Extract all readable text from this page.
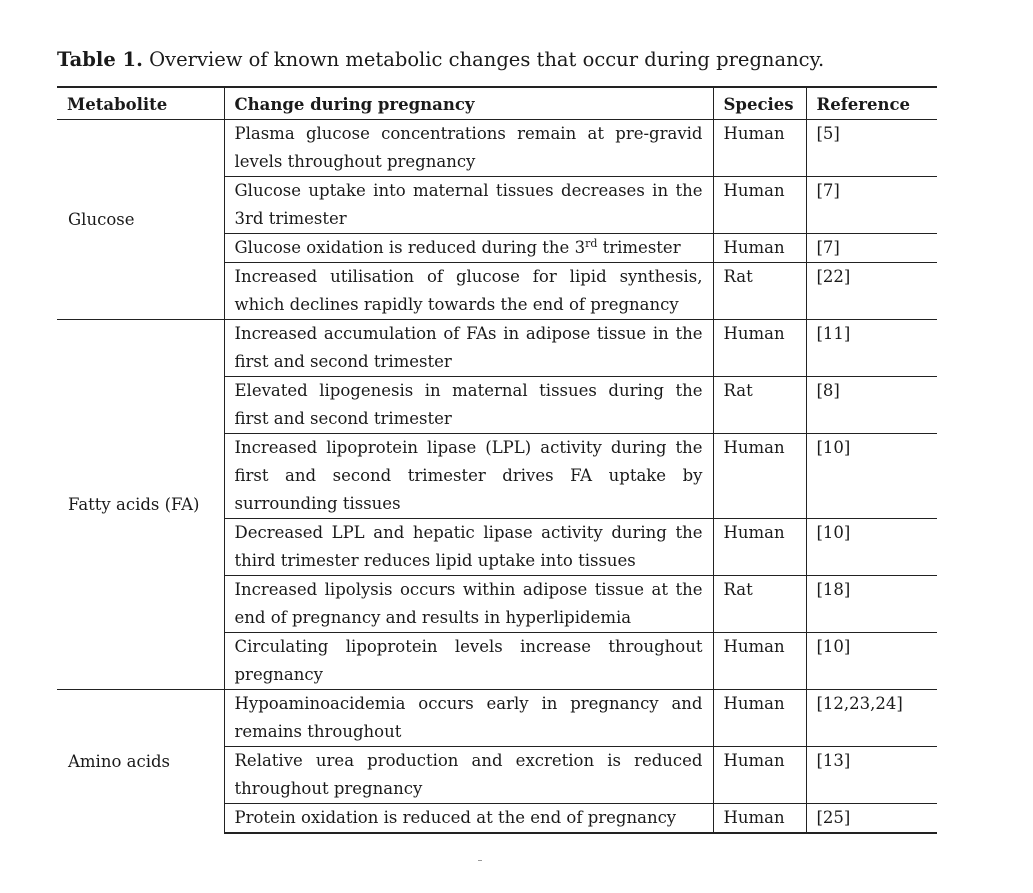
Table 1. Overview of known metabolic changes that occur during pregnancy.
Metabolite	Change during pregnancy	Species	Reference
Glucose	Plasma glucose concentrations remain at pre-gravid levels throughout pregnancy	Human	[5]
	Glucose uptake into maternal tissues decreases in the 3rd trimester	Human	[7]
	Glucose oxidation is reduced during the 3rd trimester	Human	[7]
	Increased utilisation of glucose for lipid synthesis, which declines rapidly towards the end of pregnancy	Rat	[22]
Fatty acids (FA)	Increased accumulation of FAs in adipose tissue in the first and second trimester	Human	[11]
	Elevated lipogenesis in maternal tissues during the first and second trimester	Rat	[8]
	Increased lipoprotein lipase (LPL) activity during the first and second trimester drives FA uptake by surrounding tissues	Human	[10]
	Decreased LPL and hepatic lipase activity during the third trimester reduces lipid uptake into tissues	Human	[10]
	Increased lipolysis occurs within adipose tissue at the end of pregnancy and results in hyperlipidemia	Rat	[18]
	Circulating lipoprotein levels increase throughout pregnancy	Human	[10]
Amino acids	Hypoaminoacidemia occurs early in pregnancy and remains throughout	Human	[12,23,24]
	Relative urea production and excretion is reduced throughout pregnancy	Human	[13]
	Protein oxidation is reduced at the end of pregnancy	Human	[25]
